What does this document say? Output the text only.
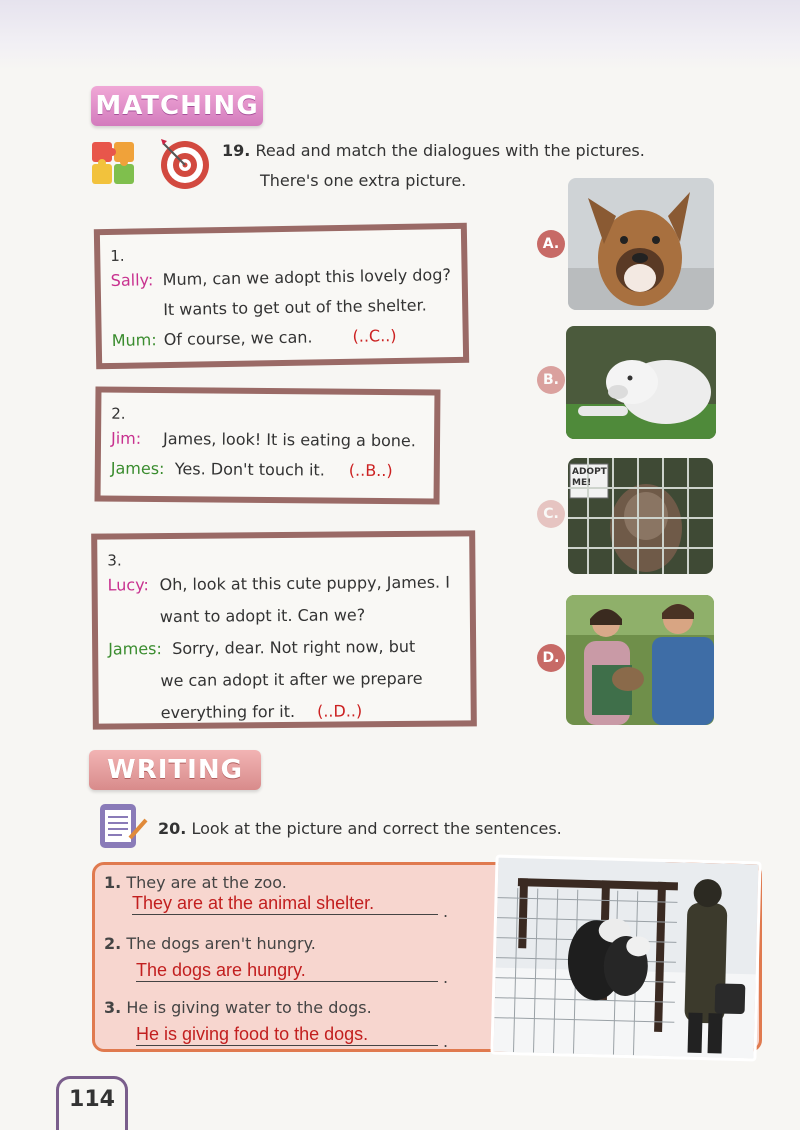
MATCHING
19. Read and match the dialogues with the pictures.
There's one extra picture.
1.
Sally: Mum, can we adopt this lovely dog?
It wants to get out of the shelter.
Mum: Of course, we can. (..C..)
2.
Jim:	James, look! It is eating a bone.
James: Yes. Don't touch it. (..B..)
3.
Lucy: Oh, look at this cute puppy, James. I
want to adopt it. Can we?
James: Sorry, dear. Not right now, but
we can adopt it after we prepare
everything for it. (..D..)
A.
B.
C.
ADOPT ME!
D.
WRITING
20. Look at the picture and correct the sentences.
1. They are at the zoo.
They are at the animal shelter.	.
2. The dogs aren't hungry.
The dogs are hungry.	.
3. He is giving water to the dogs.
He is giving food to the dogs.	.
114
